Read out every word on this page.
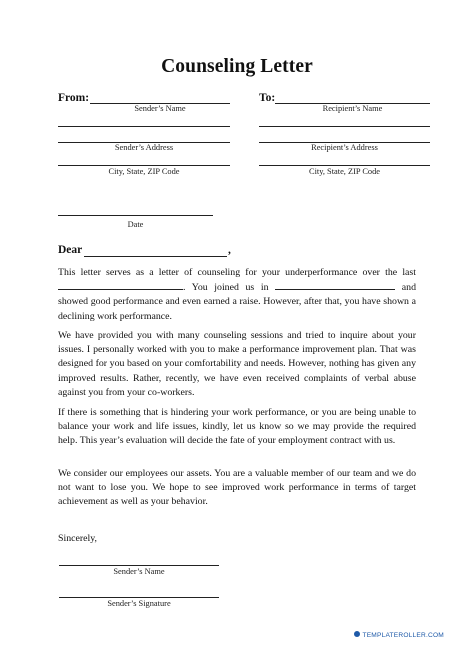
Counseling Letter
From:
Sender’s Name
To:
Recipient’s Name
Sender’s Address	Recipient’s Address
City, State, ZIP Code	City, State, ZIP Code
Date
Dear	,
This letter serves as a letter of counseling for your underperformance over the last . You joined us in	and showed good performance and even earned a raise. However, after that, you have shown a declining work performance.
We have provided you with many counseling sessions and tried to inquire about your issues. I personally worked with you to make a performance improvement plan. That was designed for you based on your comfortability and needs. However, nothing has given any improved results. Rather, recently, we have even received complaints of verbal abuse against you from your co-workers.
If there is something that is hindering your work performance, or you are being unable to balance your work and life issues, kindly, let us know so we may provide the required help. This year’s evaluation will decide the fate of your employment contract with us.
We consider our employees our assets. You are a valuable member of our team and we do not want to lose you. We hope to see improved work performance in terms of target achievement as well as your behavior.
Sincerely,
Sender’s Name
Sender’s Signature
TEMPLATEROLLER.COM
